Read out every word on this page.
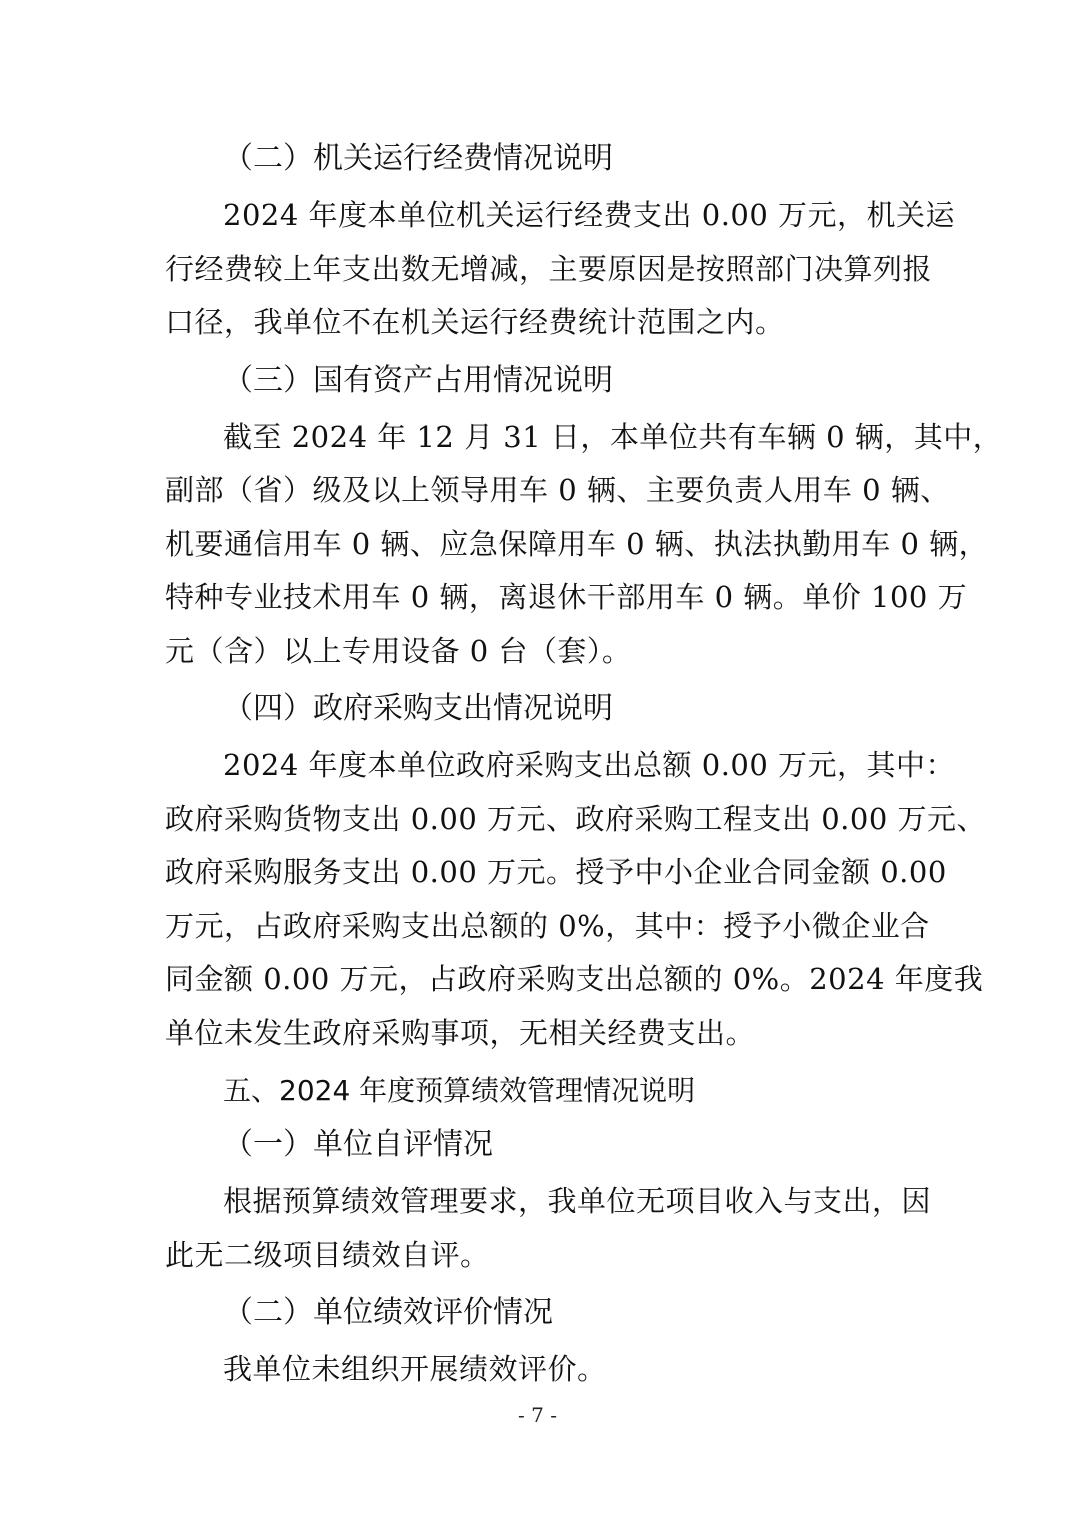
（二）机关运行经费情况说明
2024 年度本单位机关运行经费支出 0.00 万元，机关运
行经费较上年支出数无增减，主要原因是按照部门决算列报
口径，我单位不在机关运行经费统计范围之内。
（三）国有资产占用情况说明
截至 2024 年 12 月 31 日，本单位共有车辆 0 辆，其中，
副部（省）级及以上领导用车 0 辆、主要负责人用车 0 辆、
机要通信用车 0 辆、应急保障用车 0 辆、执法执勤用车 0 辆，
特种专业技术用车 0 辆，离退休干部用车 0 辆。单价 100 万
元（含）以上专用设备 0 台（套）。
（四）政府采购支出情况说明
2024 年度本单位政府采购支出总额 0.00 万元，其中：
政府采购货物支出 0.00 万元、政府采购工程支出 0.00 万元、
政府采购服务支出 0.00 万元。授予中小企业合同金额 0.00
万元，占政府采购支出总额的 0%，其中：授予小微企业合
同金额 0.00 万元，占政府采购支出总额的 0%。2024 年度我
单位未发生政府采购事项，无相关经费支出。
五、2024 年度预算绩效管理情况说明
（一）单位自评情况
根据预算绩效管理要求，我单位无项目收入与支出，因
此无二级项目绩效自评。
（二）单位绩效评价情况
我单位未组织开展绩效评价。
- 7 -
